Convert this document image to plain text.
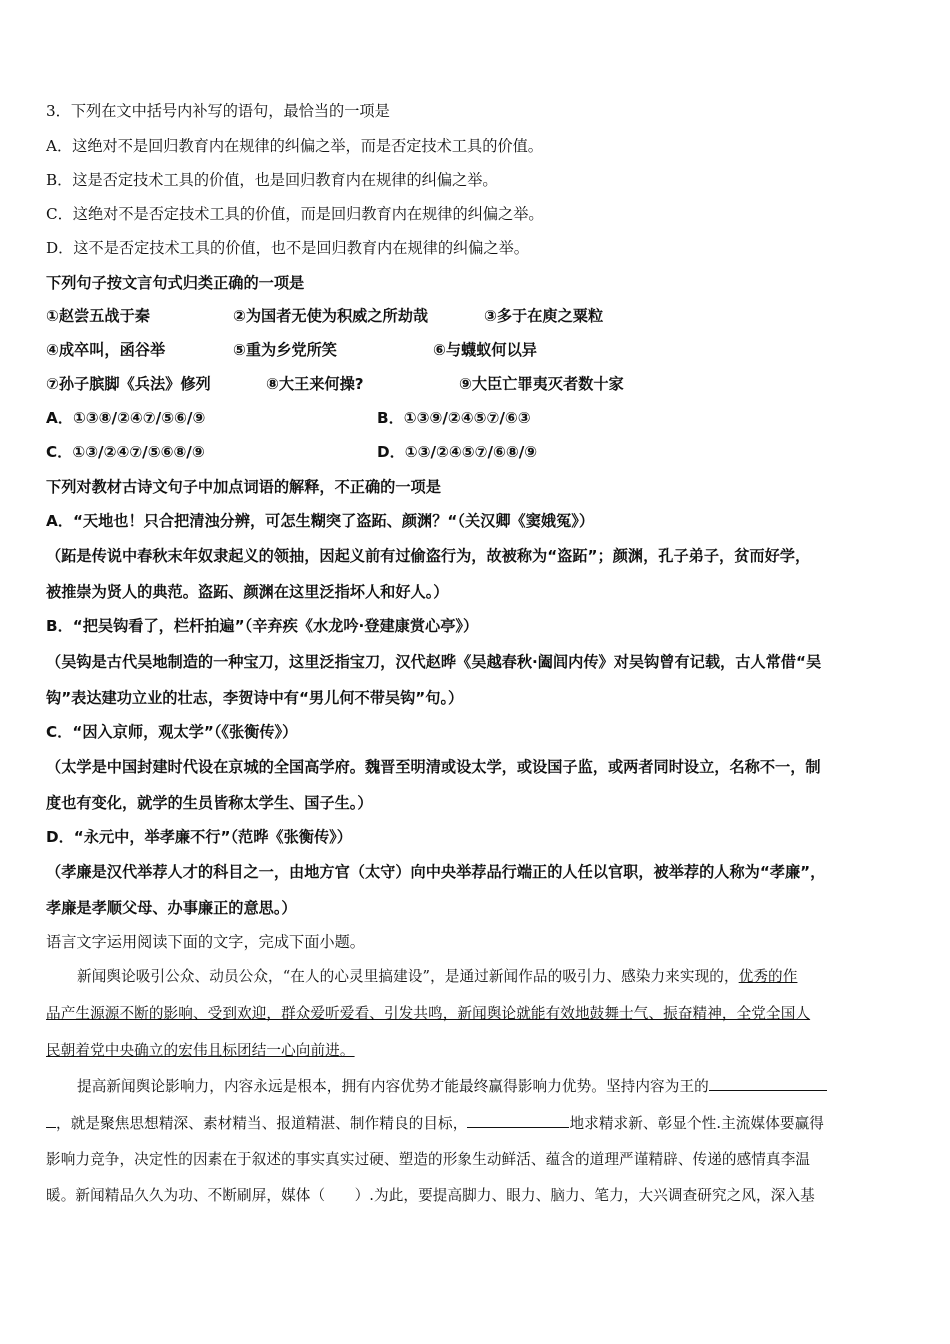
3．下列在文中括号内补写的语句，最恰当的一项是
A．这绝对不是回归教育内在规律的纠偏之举，而是否定技术工具的价值。
B．这是否定技术工具的价值，也是回归教育内在规律的纠偏之举。
C．这绝对不是否定技术工具的价值，而是回归教育内在规律的纠偏之举。
D．这不是否定技术工具的价值，也不是回归教育内在规律的纠偏之举。
下列句子按文言句式归类正确的一项是
①赵尝五战于秦	②为国者无使为积威之所劫哉	③多于在庾之粟粒
④成卒叫，函谷举	⑤重为乡党所笑	⑥与蠛蚁何以异
⑦孙子膑脚《兵法》修列	⑧大王来何操?	⑨大臣亡罪夷灭者数十家
A．①③⑧/②④⑦/⑤⑥/⑨	B．①③⑨/②④⑤⑦/⑥③
C．①③/②④⑦/⑤⑥⑧/⑨	D．①③/②④⑤⑦/⑥⑧/⑨
下列对教材古诗文句子中加点词语的解释，不正确的一项是
A．“天地也！只合把清浊分辨，可怎生糊突了盗跖、颜渊？“（关汉卿《窦娥冤》）
（跖是传说中春秋末年奴隶起义的领抽，因起义前有过偷盗行为，故被称为“盗跖”；颜渊，孔子弟子，贫而好学，
被推崇为贤人的典范。盗跖、颜渊在这里泛指坏人和好人。）
B．“把吴钩看了，栏杆拍遍”（辛弃疾《水龙吟·登建康赏心亭》）
（吴钩是古代吴地制造的一种宝刀，这里泛指宝刀，汉代赵晔《吴越春秋·阖闾内传》对吴钩曾有记载，古人常借“吴
钩”表达建功立业的壮志，李贺诗中有“男儿何不带吴钩”句。）
C．“因入京师，观太学”（《张衡传》）
（太学是中国封建时代设在京城的全国高学府。魏晋至明清或设太学，或设国子监，或两者同时设立，名称不一，制
度也有变化，就学的生员皆称太学生、国子生。）
D．“永元中，举孝廉不行”（范晔《张衡传》）
（孝廉是汉代举荐人才的科目之一，由地方官（太守）向中央举荐品行端正的人任以官职，被举荐的人称为“孝廉”，
孝廉是孝顺父母、办事廉正的意思。）
语言文字运用阅读下面的文字，完成下面小题。
新闻舆论吸引公众、动员公众，“在人的心灵里搞建设”，是通过新闻作品的吸引力、感染力来实现的，优秀的作
品产生源源不断的影响、受到欢迎，群众爱听爱看、引发共鸣，新闻舆论就能有效地鼓舞士气、振奋精神，全党全国人
民朝着党中央确立的宏伟且标团结一心向前进。
提高新闻舆论影响力，内容永远是根本，拥有内容优势才能最终赢得影响力优势。坚持内容为王的
，就是聚焦思想精深、素材精当、报道精湛、制作精良的目标，	地求精求新、彰显个性.主流媒体要赢得
影响力竞争，决定性的因素在于叙述的事实真实过硬、塑造的形象生动鲜活、蕴含的道理严谨精辟、传递的感情真李温
暖。新闻精品久久为功、不断刷屏，媒体（　　）.为此，要提高脚力、眼力、脑力、笔力，大兴调查研究之风，深入基
